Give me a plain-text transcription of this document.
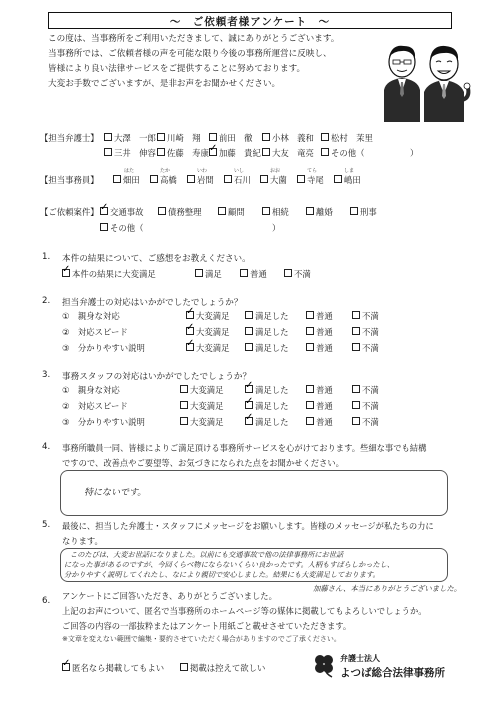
～　ご依頼者様アンケート　～

この度は、当事務所をご利用いただきまして、誠にありがとうございます。

当事務所では、ご依頼者様の声を可能な限り今後の事務所運営に反映し、

皆様により良い法律サービスをご提供することに努めております。

大変お手数でございますが、是非お声をお聞かせください。

【担当弁護士】	大澤　一郎	川崎　翔	前田　徹	小林　義和	松村　茉里
三井　伸容	佐藤　寿康 ✓	加藤　貴紀	大友　竜亮	その他（	）
はた	たか	いわ	いし	おお	てら	しま
【担当事務員】	畑田	高橋	岩間	石川	大薗	寺尾	嶋田
【ご依頼案件】 ✓	交通事故	債務整理	顧問	相続	離婚	刑事
その他（	）
1. 本件の結果について、ご感想をお教えください。
✓本件の結果に大変満足	満足	普通	不満
2. 担当弁護士の対応はいかがでしたでしょうか？
①　親身な対応 ✓	大変満足	満足した	普通	不満
②　対応スピード ✓	大変満足	満足した	普通	不満
③　分かりやすい説明 ✓	大変満足	満足した	普通	不満
3. 事務スタッフの対応はいかがでしたでしょうか？
①　親身な対応	大変満足 ✓	満足した	普通	不満
②　対応スピード	大変満足 ✓	満足した	普通	不満
③　分かりやすい説明	大変満足 ✓	満足した	普通	不満
4. 事務所職員一同、皆様によりご満足頂ける事務所サービスを心がけております。些細な事でも結構
ですので、改善点やご要望等、お気づきになられた点をお聞かせください。
特にないです。
5. 最後に、担当した弁護士・スタッフにメッセージをお願いします。皆様のメッセージが私たちの力に
なります。
このたびは、大変お世話になりました。以前にも交通事故で他の法律事務所にお世話
になった事があるのですが、今回くらべ物にならないくらい良かったです。人柄もすばらしかったし、
分かりやすく説明してくれたし、なにより親切で安心しました。結果にも大変満足しております。
加藤さん、本当にありがとうございました。
6. アンケートにご回答いただき、ありがとうございました。
上記のお声について、匿名で当事務所のホームページ等の媒体に掲載してもよろしいでしょうか。
ご回答の内容の一部抜粋またはアンケート用紙ごと載せさせていただきます。
※文章を変えない範囲で編集・要約させていただく場合がありますのでご了承ください。
✓匿名なら掲載してもよい	掲載は控えて欲しい
弁護士法人
よつば総合法律事務所
